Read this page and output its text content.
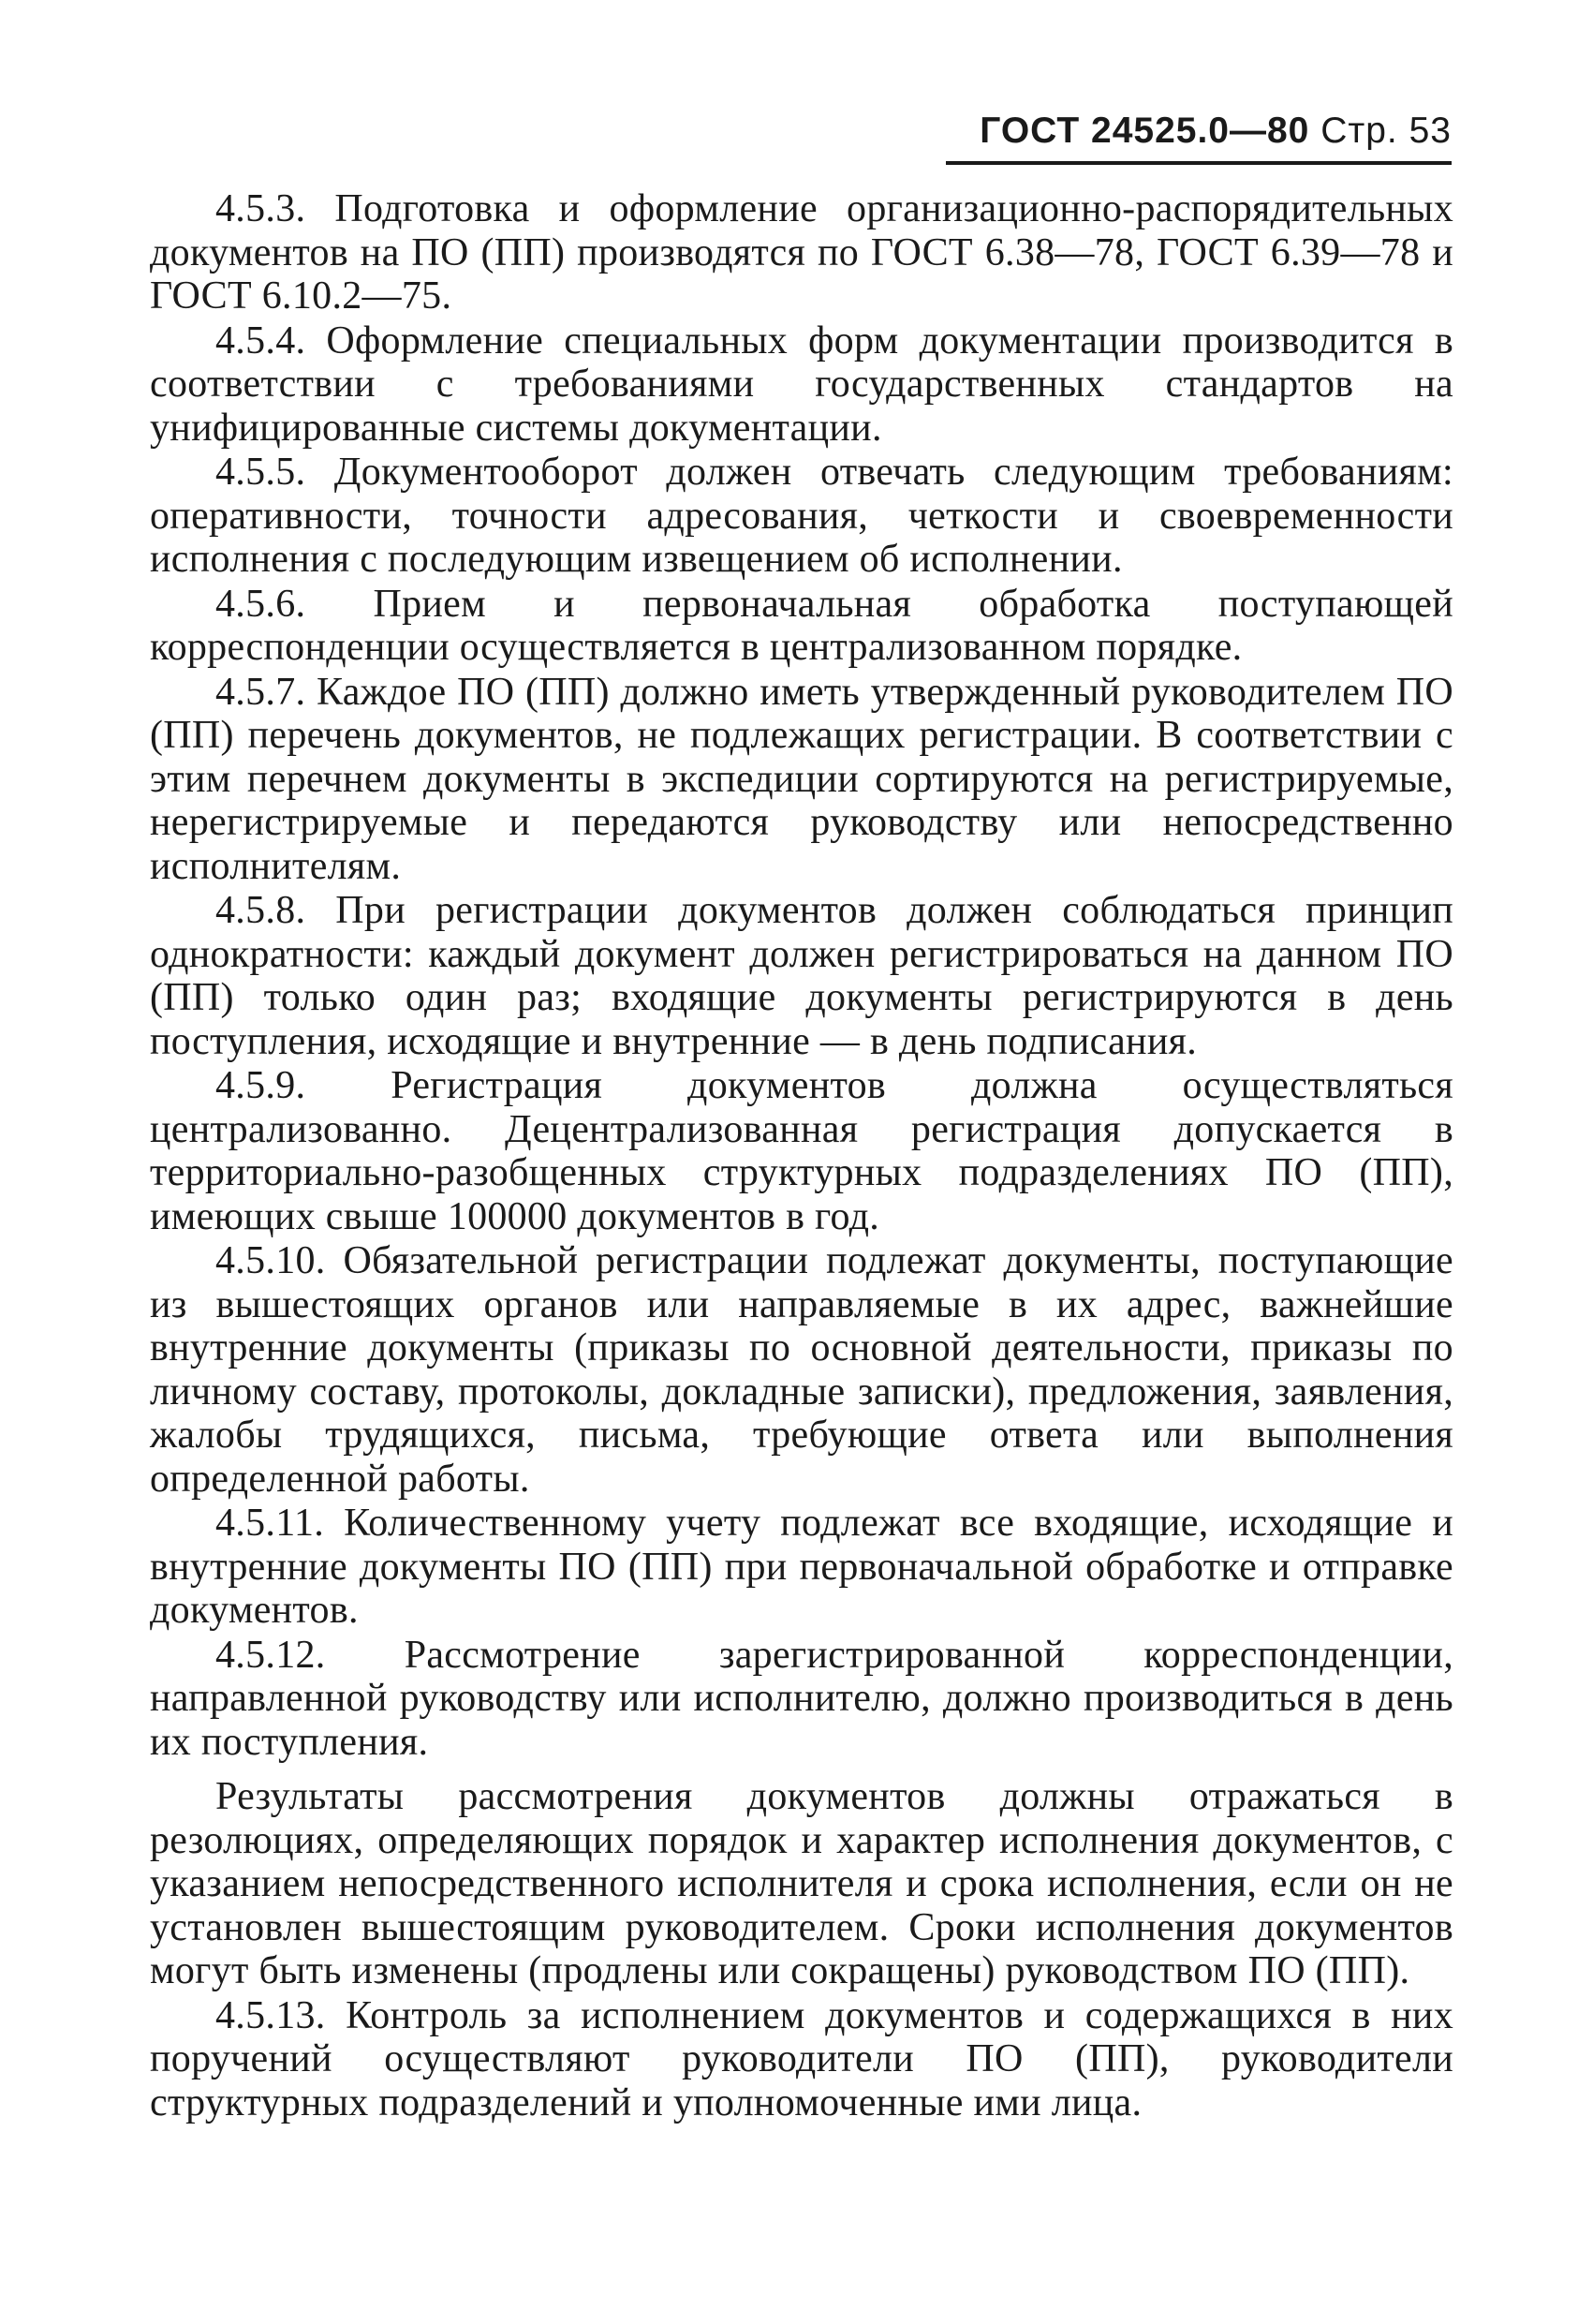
ГОСТ 24525.0—80 Стр. 53

4.5.3. Подготовка и оформление организационно-распорядительных документов на ПО (ПП) производятся по ГОСТ 6.38—78, ГОСТ 6.39—78 и ГОСТ 6.10.2—75.

4.5.4. Оформление специальных форм документации производится в соответствии с требованиями государственных стандартов на унифицированные системы документации.

4.5.5. Документооборот должен отвечать следующим требованиям: оперативности, точности адресования, четкости и своевременности исполнения с последующим извещением об исполнении.

4.5.6. Прием и первоначальная обработка поступающей корреспонденции осуществляется в централизованном порядке.

4.5.7. Каждое ПО (ПП) должно иметь утвержденный руководителем ПО (ПП) перечень документов, не подлежащих регистрации. В соответствии с этим перечнем документы в экспедиции сортируются на регистрируемые, нерегистрируемые и передаются руководству или непосредственно исполнителям.

4.5.8. При регистрации документов должен соблюдаться принцип однократности: каждый документ должен регистрироваться на данном ПО (ПП) только один раз; входящие документы регистрируются в день поступления, исходящие и внутренние — в день подписания.

4.5.9. Регистрация документов должна осуществляться централизованно. Децентрализованная регистрация допускается в территориально-разобщенных структурных подразделениях ПО (ПП), имеющих свыше 100000 документов в год.

4.5.10. Обязательной регистрации подлежат документы, поступающие из вышестоящих органов или направляемые в их адрес, важнейшие внутренние документы (приказы по основной деятельности, приказы по личному составу, протоколы, докладные записки), предложения, заявления, жалобы трудящихся, письма, требующие ответа или выполнения определенной работы.

4.5.11. Количественному учету подлежат все входящие, исходящие и внутренние документы ПО (ПП) при первоначальной обработке и отправке документов.

4.5.12. Рассмотрение зарегистрированной корреспонденции, направленной руководству или исполнителю, должно производиться в день их поступления.

Результаты рассмотрения документов должны отражаться в резолюциях, определяющих порядок и характер исполнения документов, с указанием непосредственного исполнителя и срока исполнения, если он не установлен вышестоящим руководителем. Сроки исполнения документов могут быть изменены (продлены или сокращены) руководством ПО (ПП).

4.5.13. Контроль за исполнением документов и содержащихся в них поручений осуществляют руководители ПО (ПП), руководители структурных подразделений и уполномоченные ими лица.
